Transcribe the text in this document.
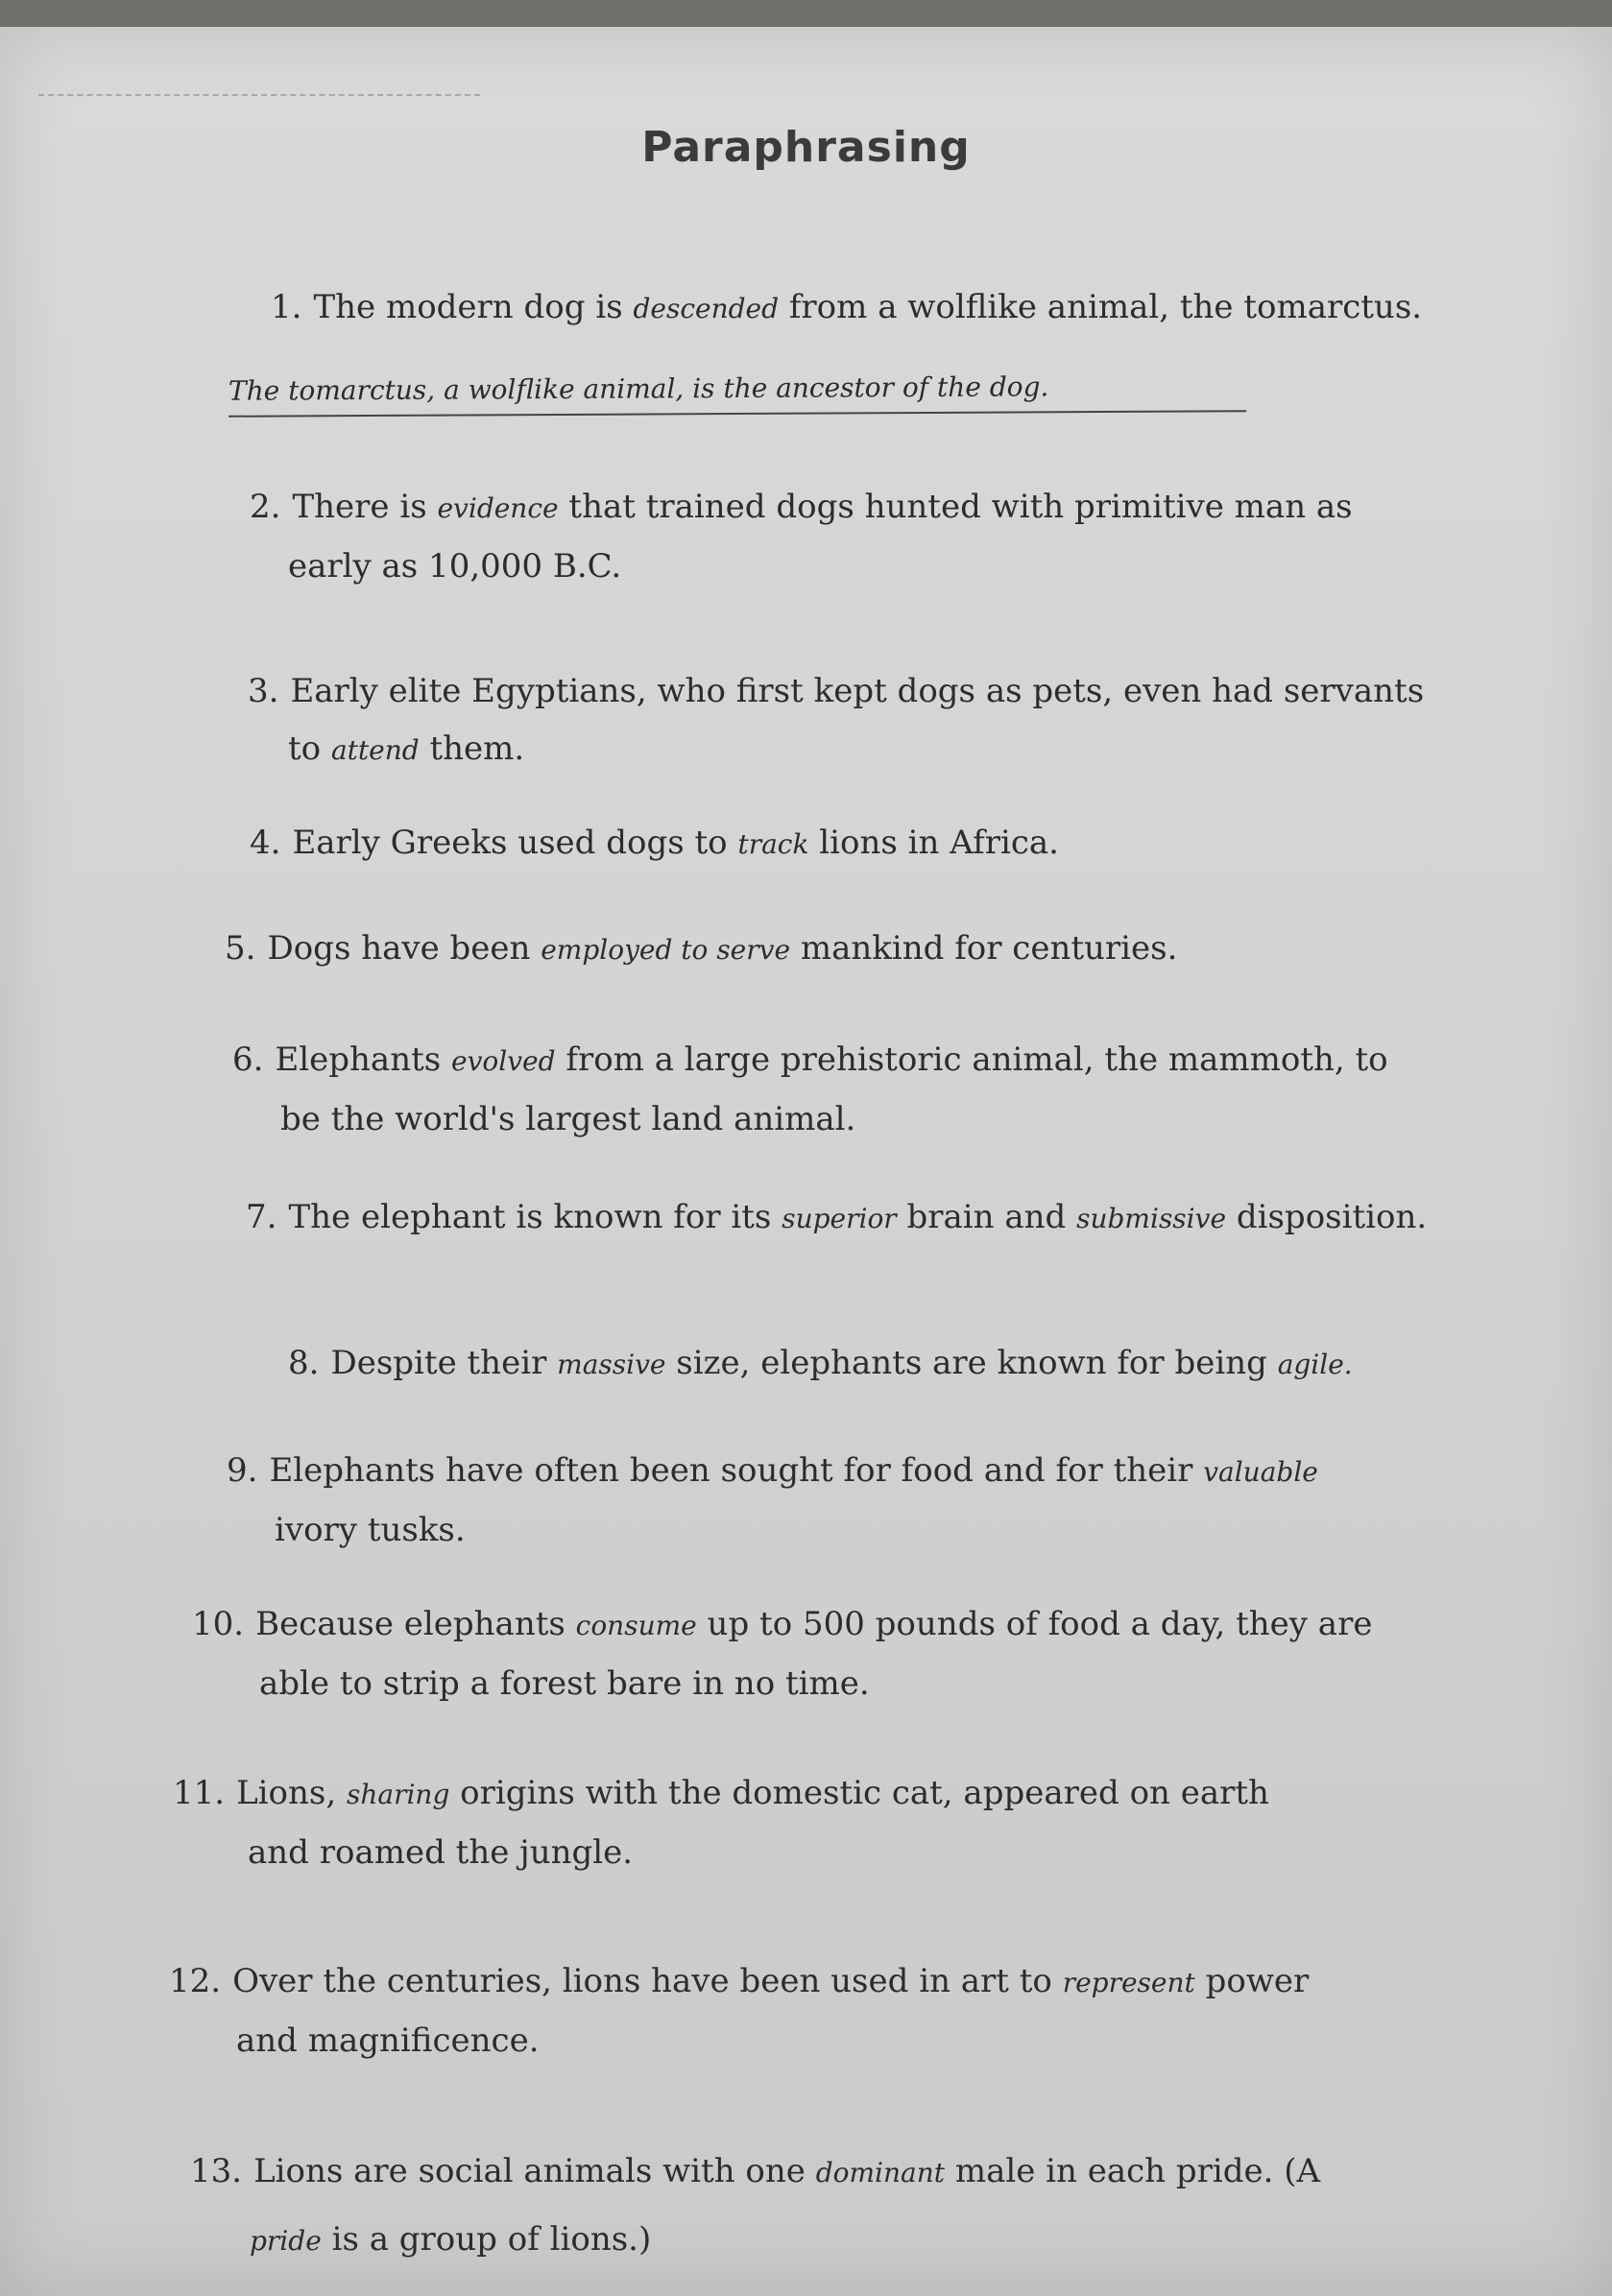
Paraphrasing
1. The modern dog is descended from a wolflike animal, the tomarctus.
The tomarctus, a wolflike animal, is the ancestor of the dog.
2. There is evidence that trained dogs hunted with primitive man as
early as 10,000 B.C.
3. Early elite Egyptians, who first kept dogs as pets, even had servants
to attend them.
4. Early Greeks used dogs to track lions in Africa.
5. Dogs have been employed to serve mankind for centuries.
6. Elephants evolved from a large prehistoric animal, the mammoth, to
be the world's largest land animal.
7. The elephant is known for its superior brain and submissive disposition.
8. Despite their massive size, elephants are known for being agile.
9. Elephants have often been sought for food and for their valuable
ivory tusks.
10. Because elephants consume up to 500 pounds of food a day, they are
able to strip a forest bare in no time.
11. Lions, sharing origins with the domestic cat, appeared on earth
and roamed the jungle.
12. Over the centuries, lions have been used in art to represent power
and magnificence.
13. Lions are social animals with one dominant male in each pride. (A
pride is a group of lions.)
